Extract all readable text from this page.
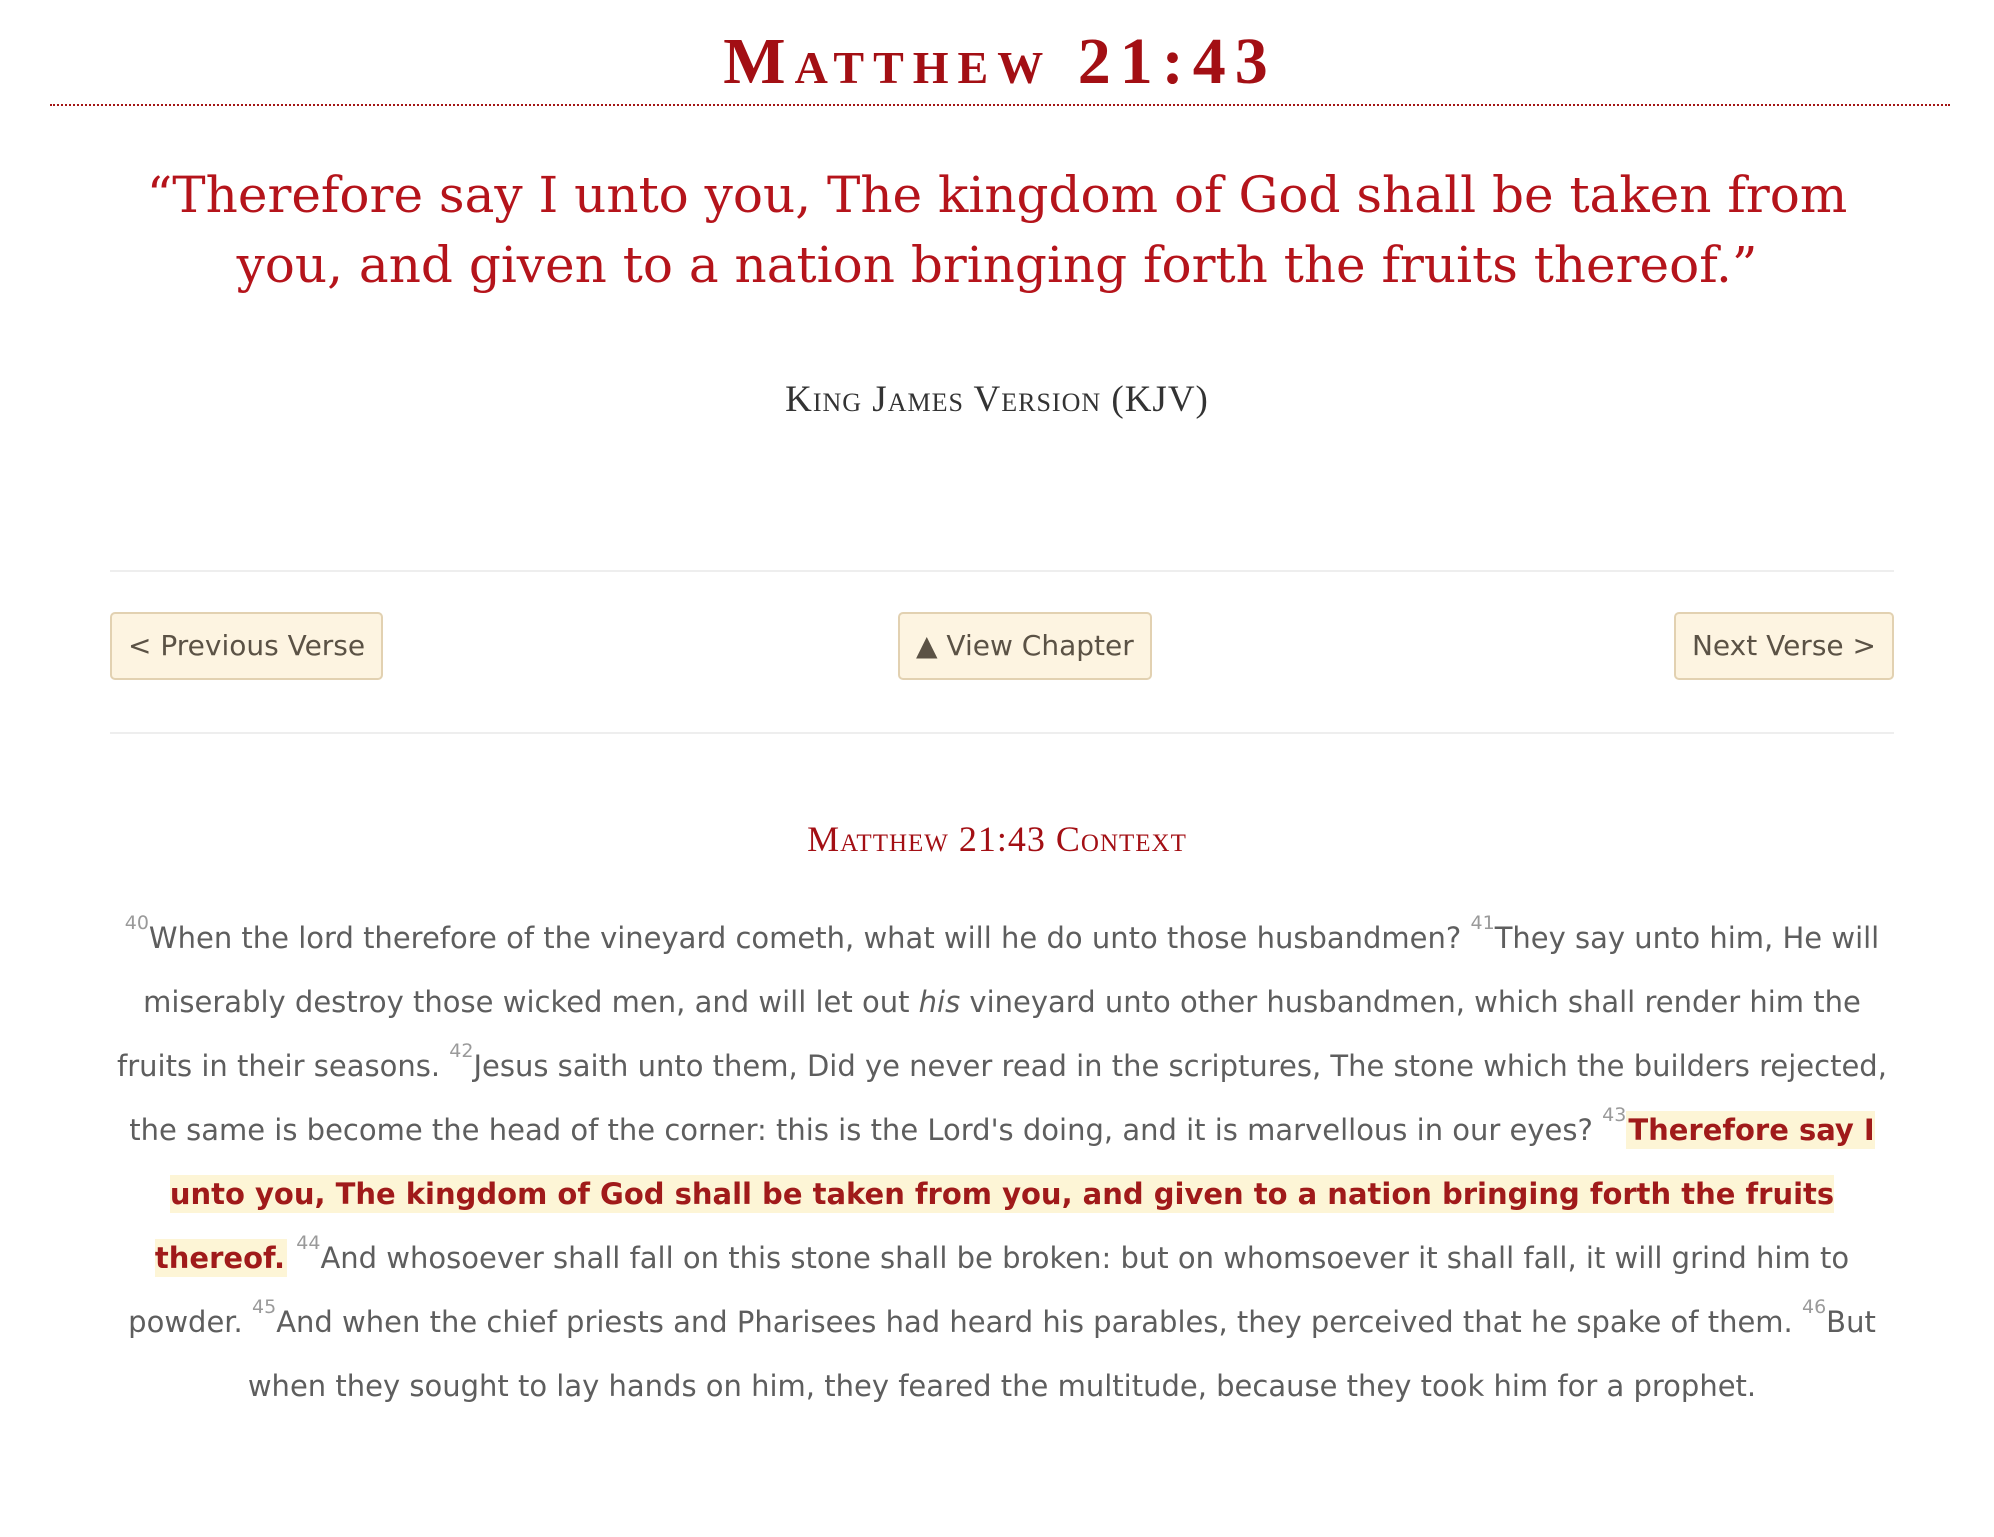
Matthew 21:43
“Therefore say I unto you, The kingdom of God shall be taken from you, and given to a nation bringing forth the fruits thereof.”
King James Version (KJV)
< Previous Verse	▲ View Chapter	Next Verse >
Matthew 21:43 Context
$^{40}$When the lord therefore of the vineyard cometh, what will he do unto those husbandmen? $^{41}$They say unto him, He will miserably destroy those wicked men, and will let out his vineyard unto other husbandmen, which shall render him the fruits in their seasons. $^{42}$Jesus saith unto them, Did ye never read in the scriptures, The stone which the builders rejected, the same is become the head of the corner: this is the Lord's doing, and it is marvellous in our eyes? $^{43}$Therefore say I unto you, The kingdom of God shall be taken from you, and given to a nation bringing forth the fruits thereof. $^{44}$And whosoever shall fall on this stone shall be broken: but on whomsoever it shall fall, it will grind him to powder. $^{45}$And when the chief priests and Pharisees had heard his parables, they perceived that he spake of them. $^{46}$But when they sought to lay hands on him, they feared the multitude, because they took him for a prophet.
